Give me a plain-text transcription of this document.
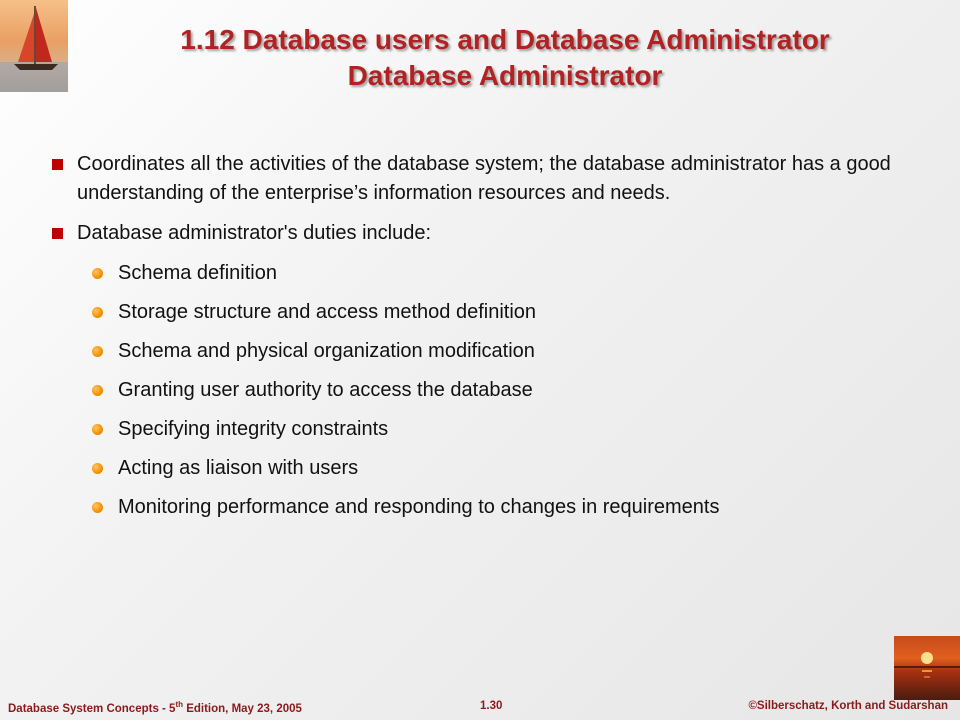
1.12 Database users and Database Administrator
Database Administrator
Coordinates all the activities of the database system; the database administrator has a good understanding of the enterprise’s information resources and needs.
Database administrator's duties include:
Schema definition
Storage structure and access method definition
Schema and physical organization modification
Granting user authority to access the database
Specifying integrity constraints
Acting as liaison with users
Monitoring performance and responding to changes in requirements
Database System Concepts - 5th Edition, May 23, 2005	1.30	©Silberschatz, Korth and Sudarshan
